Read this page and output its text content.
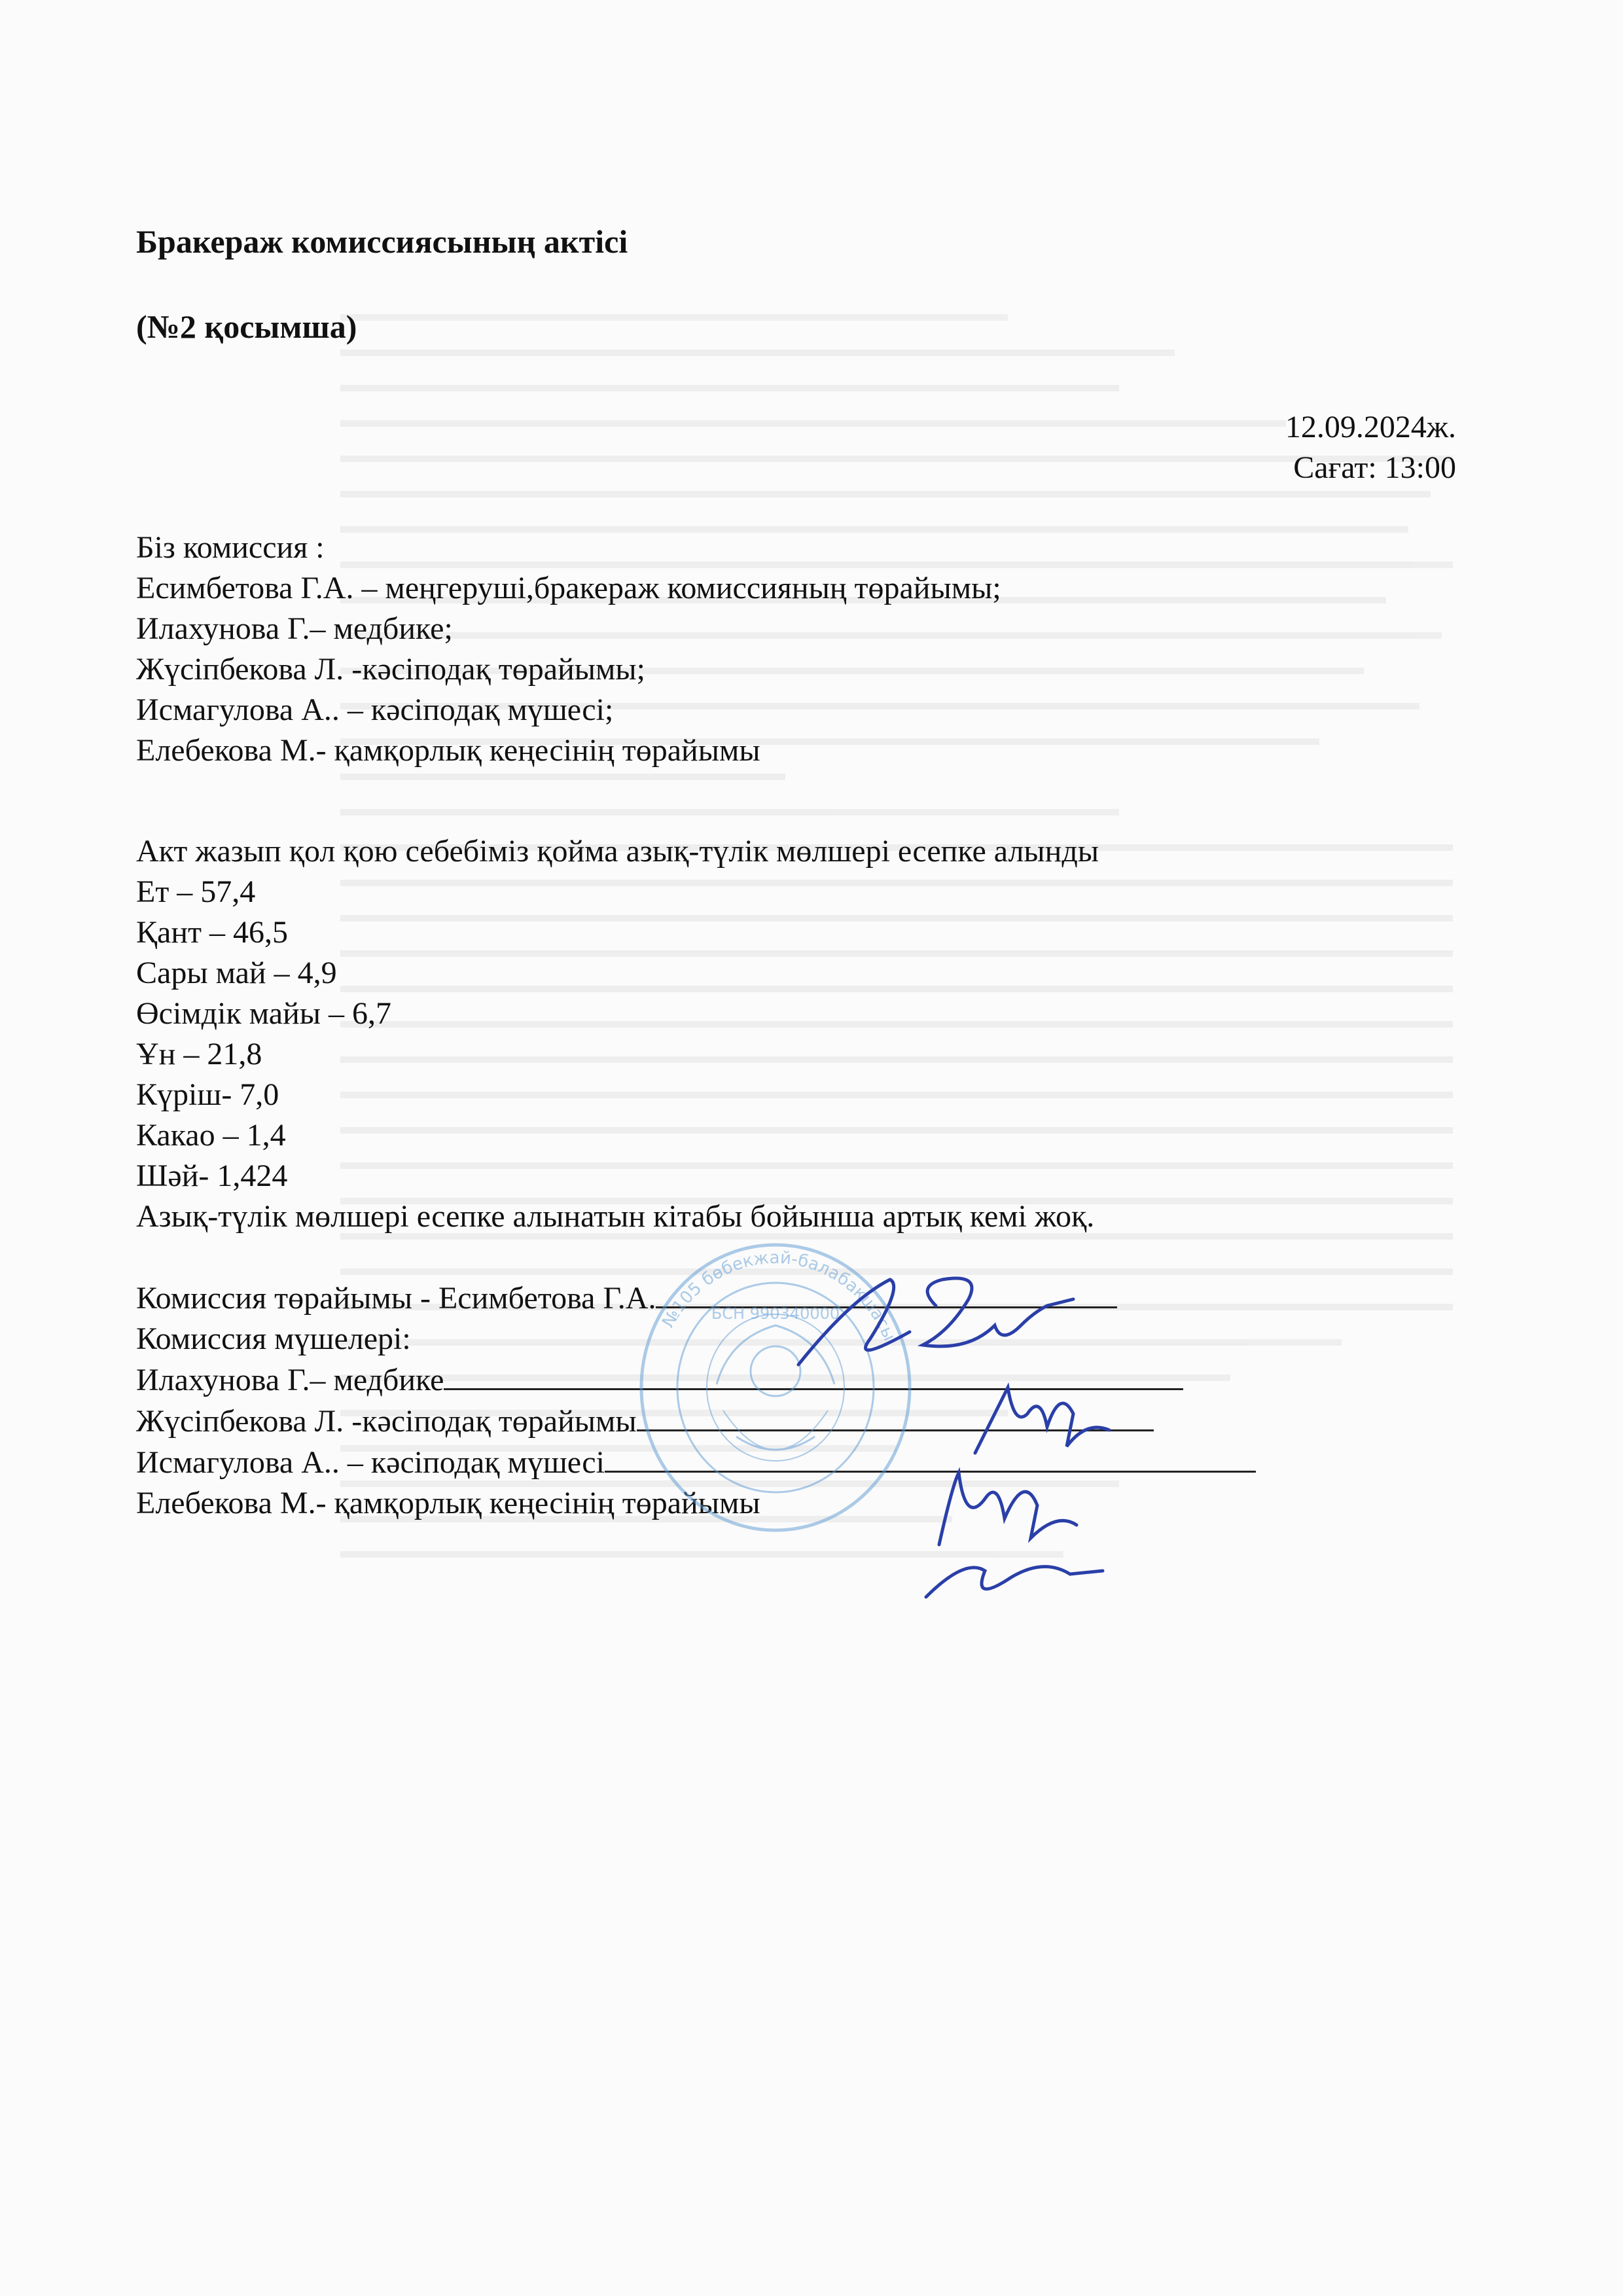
Бракераж комиссиясының актісі
(№2 қосымша)
12.09.2024ж.
Сағат: 13:00
Біз комиссия :
Есимбетова Г.А. – меңгеруші,бракераж комиссияның төрайымы;
Илахунова Г.– медбике;
Жүсіпбекова Л. -кәсіподақ төрайымы;
Исмагулова А.. – кәсіподақ мүшесі;
Елебекова М.- қамқорлық кеңесінің төрайымы
Акт жазып қол қою себебіміз қойма азық-түлік мөлшері есепке алынды
Ет – 57,4
Қант – 46,5
Сары май – 4,9
Өсімдік майы – 6,7
Ұн – 21,8
Күріш- 7,0
Какао – 1,4
Шәй- 1,424
Азық-түлік мөлшері есепке алынатын кітабы бойынша артық кемі жоқ.
Комиссия төрайымы - Есимбетова Г.А.
Комиссия мүшелері:
Илахунова Г.– медбике
Жүсіпбекова Л. -кәсіподақ төрайымы
Исмагулова А.. – кәсіподақ мүшесі
Елебекова М.- қамқорлық кеңесінің төрайымы
№105 бөбекжай-балабақшасы
БСН 990340000
